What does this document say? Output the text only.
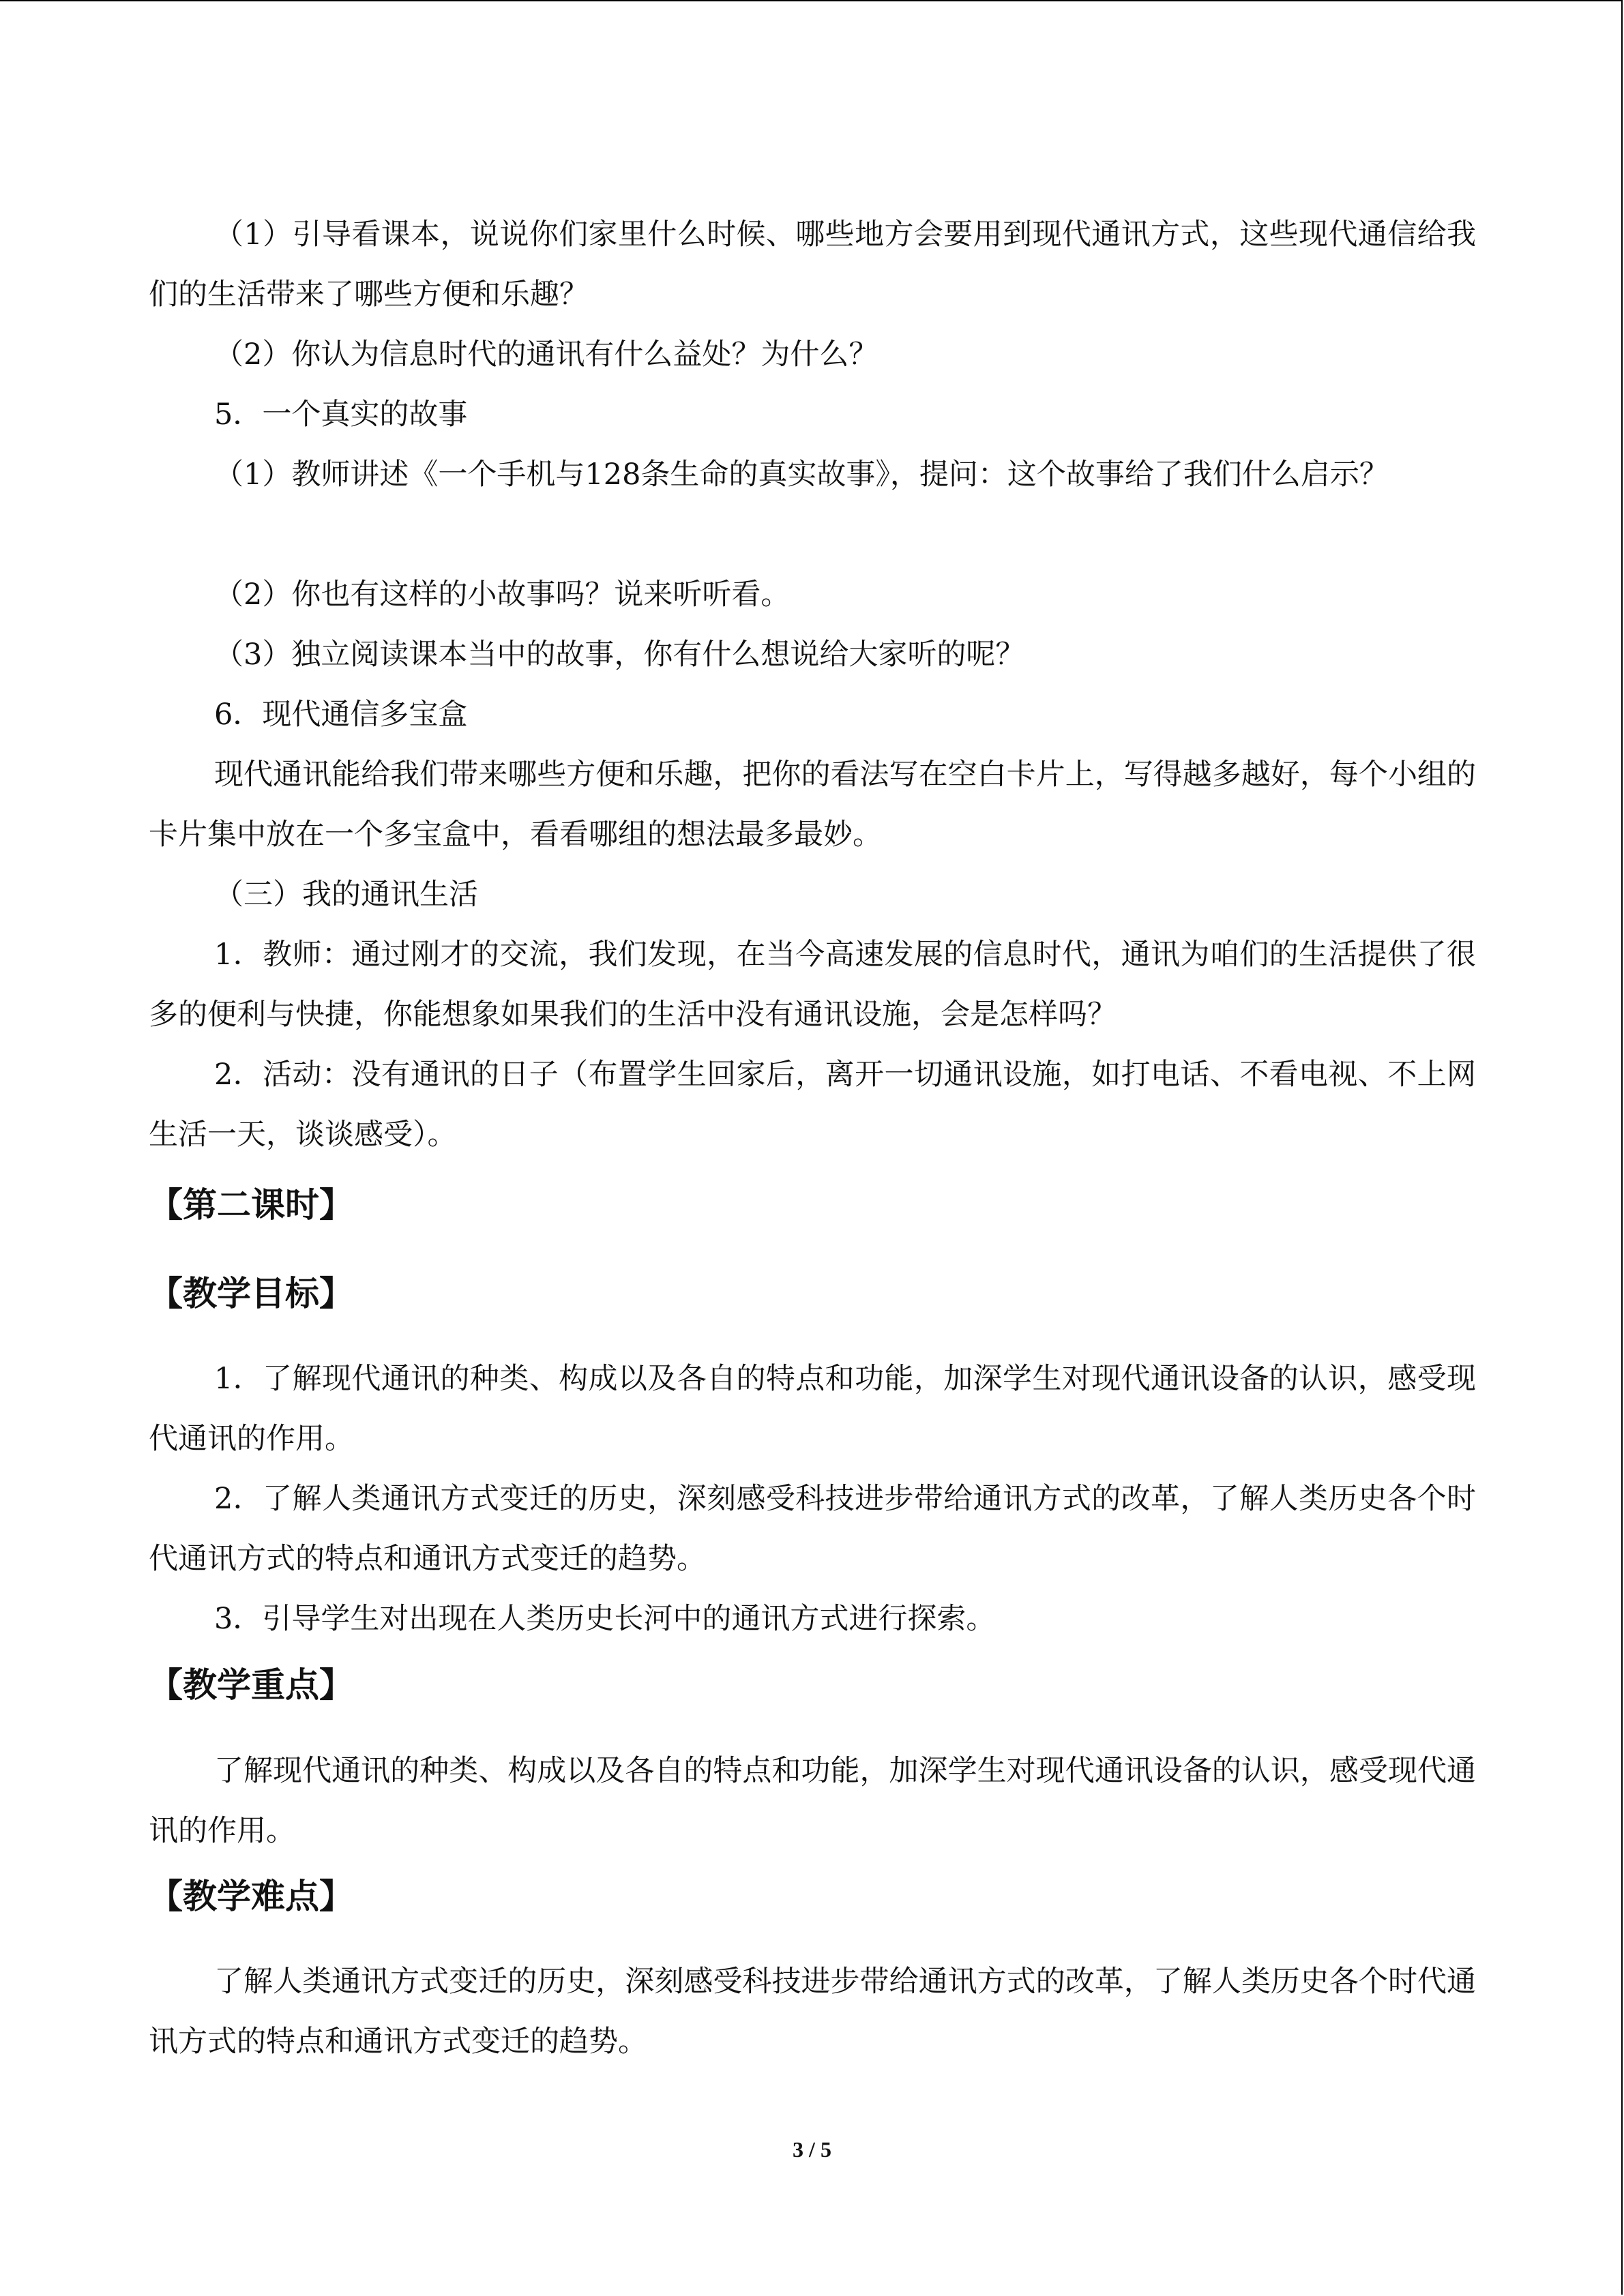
（1）引导看课本，说说你们家里什么时候、哪些地方会要用到现代通讯方式，这些现代通信给我们的生活带来了哪些方便和乐趣？
（2）你认为信息时代的通讯有什么益处？为什么？
5．一个真实的故事
（1）教师讲述《一个手机与128条生命的真实故事》，提问：这个故事给了我们什么启示？
（2）你也有这样的小故事吗？说来听听看。
（3）独立阅读课本当中的故事，你有什么想说给大家听的呢？
6．现代通信多宝盒
现代通讯能给我们带来哪些方便和乐趣，把你的看法写在空白卡片上，写得越多越好，每个小组的卡片集中放在一个多宝盒中，看看哪组的想法最多最妙。
（三）我的通讯生活
1．教师：通过刚才的交流，我们发现，在当今高速发展的信息时代，通讯为咱们的生活提供了很多的便利与快捷，你能想象如果我们的生活中没有通讯设施，会是怎样吗？
2．活动：没有通讯的日子（布置学生回家后，离开一切通讯设施，如打电话、不看电视、不上网生活一天，谈谈感受）。
【第二课时】
【教学目标】
1．了解现代通讯的种类、构成以及各自的特点和功能，加深学生对现代通讯设备的认识，感受现代通讯的作用。
2．了解人类通讯方式变迁的历史，深刻感受科技进步带给通讯方式的改革，了解人类历史各个时代通讯方式的特点和通讯方式变迁的趋势。
3．引导学生对出现在人类历史长河中的通讯方式进行探索。
【教学重点】
了解现代通讯的种类、构成以及各自的特点和功能，加深学生对现代通讯设备的认识，感受现代通讯的作用。
【教学难点】
了解人类通讯方式变迁的历史，深刻感受科技进步带给通讯方式的改革，了解人类历史各个时代通讯方式的特点和通讯方式变迁的趋势。
3 / 5
